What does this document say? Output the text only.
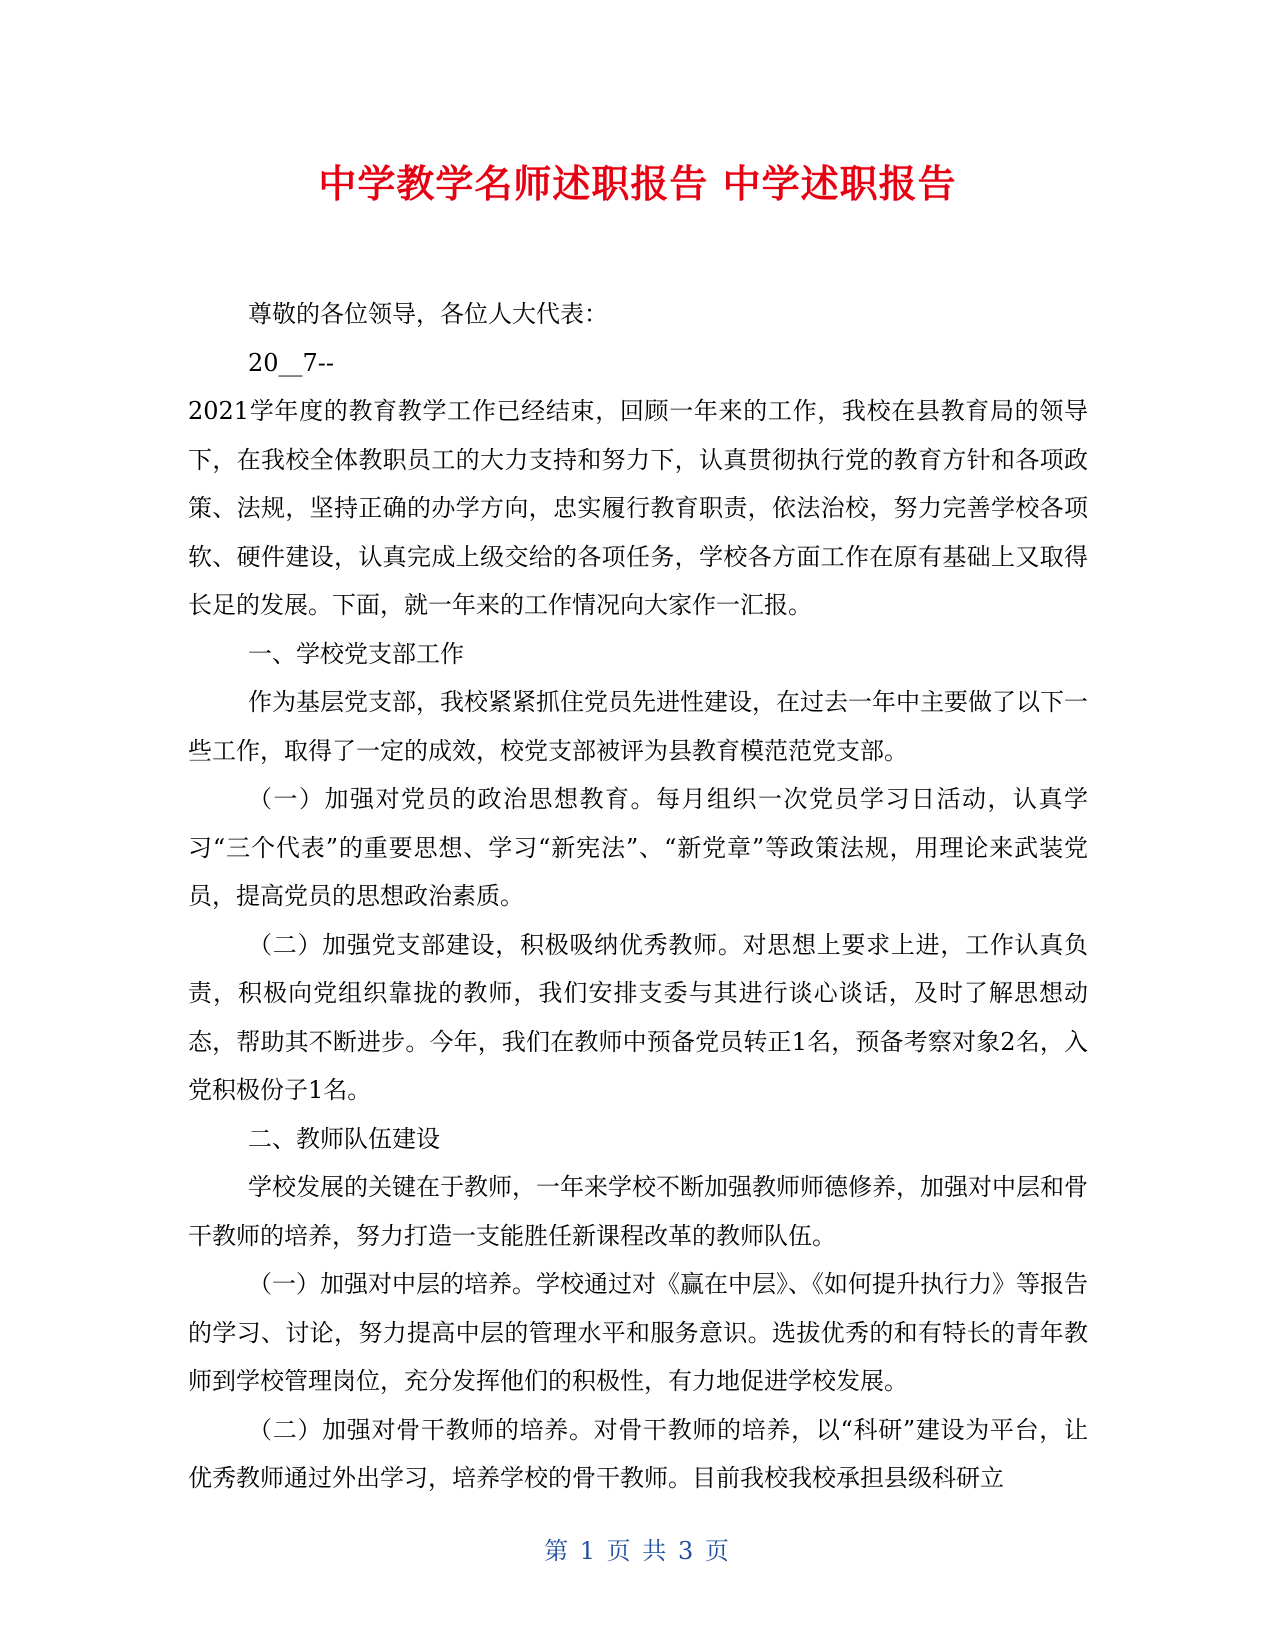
中学教学名师述职报告 中学述职报告

尊敬的各位领导，各位人大代表：

20__7--

2021学年度的教育教学工作已经结束，回顾一年来的工作，我校在县教育局的领导下，在我校全体教职员工的大力支持和努力下，认真贯彻执行党的教育方针和各项政策、法规，坚持正确的办学方向，忠实履行教育职责，依法治校，努力完善学校各项软、硬件建设，认真完成上级交给的各项任务，学校各方面工作在原有基础上又取得长足的发展。下面，就一年来的工作情况向大家作一汇报。

一、学校党支部工作

作为基层党支部，我校紧紧抓住党员先进性建设，在过去一年中主要做了以下一些工作，取得了一定的成效，校党支部被评为县教育模范范党支部。

（一）加强对党员的政治思想教育。每月组织一次党员学习日活动，认真学习“三个代表”的重要思想、学习“新宪法”、“新党章”等政策法规，用理论来武装党员，提高党员的思想政治素质。

（二）加强党支部建设，积极吸纳优秀教师。对思想上要求上进，工作认真负责，积极向党组织靠拢的教师，我们安排支委与其进行谈心谈话，及时了解思想动态，帮助其不断进步。今年，我们在教师中预备党员转正1名，预备考察对象2名，入党积极份子1名。

二、教师队伍建设

学校发展的关键在于教师，一年来学校不断加强教师师德修养，加强对中层和骨干教师的培养，努力打造一支能胜任新课程改革的教师队伍。

（一）加强对中层的培养。学校通过对《赢在中层》、《如何提升执行力》等报告的学习、讨论，努力提高中层的管理水平和服务意识。选拔优秀的和有特长的青年教师到学校管理岗位，充分发挥他们的积极性，有力地促进学校发展。

（二）加强对骨干教师的培养。对骨干教师的培养，以“科研”建设为平台，让优秀教师通过外出学习，培养学校的骨干教师。目前我校我校承担县级科研立

第 1 页 共 3 页
